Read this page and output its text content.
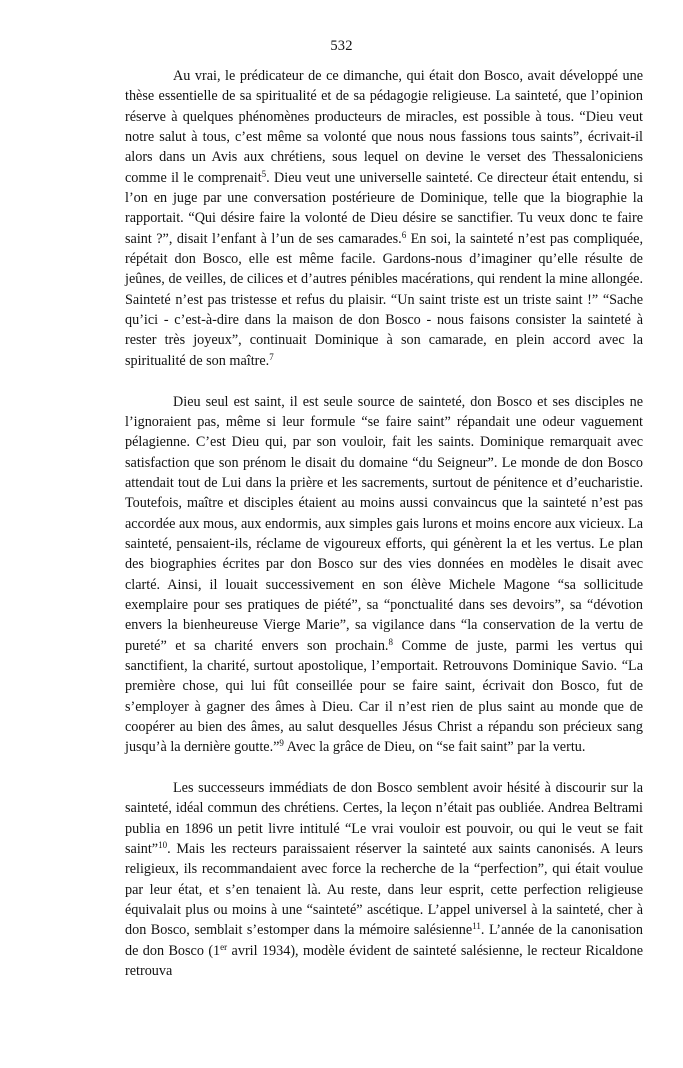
532

Au vrai, le prédicateur de ce dimanche, qui était don Bosco, avait développé une thèse essentielle de sa spiritualité et de sa pédagogie religieuse. La sainteté, que l’opinion réserve à quelques phénomènes producteurs de miracles, est possible à tous. “Dieu veut notre salut à tous, c’est même sa volonté que nous nous fassions tous saints”, écrivait-il alors dans un Avis aux chrétiens, sous lequel on devine le verset des Thessaloniciens comme il le comprenait$^5$. Dieu veut une universelle sainteté. Ce directeur était entendu, si l’on en juge par une conversation postérieure de Dominique, telle que la biographie la rapportait. “Qui désire faire la volonté de Dieu désire se sanctifier. Tu veux donc te faire saint ?”, disait l’enfant à l’un de ses camarades.$^6$ En soi, la sainteté n’est pas compliquée, répétait don Bosco, elle est même facile. Gardons-nous d’imaginer qu’elle résulte de jeûnes, de veilles, de cilices et d’autres pénibles macérations, qui rendent la mine allongée. Sainteté n’est pas tristesse et refus du plaisir. “Un saint triste est un triste saint !” “Sache qu’ici - c’est-à-dire dans la maison de don Bosco - nous faisons consister la sainteté à rester très joyeux”, continuait Dominique à son camarade, en plein accord avec la spiritualité de son maître.$^7$

Dieu seul est saint, il est seule source de sainteté, don Bosco et ses disciples ne l’ignoraient pas, même si leur formule “se faire saint” répandait une odeur vaguement pélagienne. C’est Dieu qui, par son vouloir, fait les saints. Dominique remarquait avec satisfaction que son prénom le disait du domaine “du Seigneur”. Le monde de don Bosco attendait tout de Lui dans la prière et les sacrements, surtout de pénitence et d’eucharistie. Toutefois, maître et disciples étaient au moins aussi convaincus que la sainteté n’est pas accordée aux mous, aux endormis, aux simples gais lurons et moins encore aux vicieux. La sainteté, pensaient-ils, réclame de vigoureux efforts, qui génèrent la et les vertus. Le plan des biographies écrites par don Bosco sur des vies données en modèles le disait avec clarté. Ainsi, il louait successivement en son élève Michele Magone “sa sollicitude exemplaire pour ses pratiques de piété”, sa “ponctualité dans ses devoirs”, sa “dévotion envers la bienheureuse Vierge Marie”, sa vigilance dans “la conservation de la vertu de pureté” et sa charité envers son prochain.$^8$ Comme de juste, parmi les vertus qui sanctifient, la charité, surtout apostolique, l’emportait. Retrouvons Dominique Savio. “La première chose, qui lui fût conseillée pour se faire saint, écrivait don Bosco, fut de s’employer à gagner des âmes à Dieu. Car il n’est rien de plus saint au monde que de coopérer au bien des âmes, au salut desquelles Jésus Christ a répandu son précieux sang jusqu’à la dernière goutte.”$^9$ Avec la grâce de Dieu, on “se fait saint” par la vertu.

Les successeurs immédiats de don Bosco semblent avoir hésité à discourir sur la sainteté, idéal commun des chrétiens. Certes, la leçon n’était pas oubliée. Andrea Beltrami publia en 1896 un petit livre intitulé “Le vrai vouloir est pouvoir, ou qui le veut se fait saint”$^{10}$. Mais les recteurs paraissaient réserver la sainteté aux saints canonisés. A leurs religieux, ils recommandaient avec force la recherche de la “perfection”, qui était voulue par leur état, et s’en tenaient là. Au reste, dans leur esprit, cette perfection religieuse équivalait plus ou moins à une “sainteté” ascétique. L’appel universel à la sainteté, cher à don Bosco, semblait s’estomper dans la mémoire salésienne$^{11}$. L’année de la canonisation de don Bosco (1er avril 1934), modèle évident de sainteté salésienne, le recteur Ricaldone retrouva
